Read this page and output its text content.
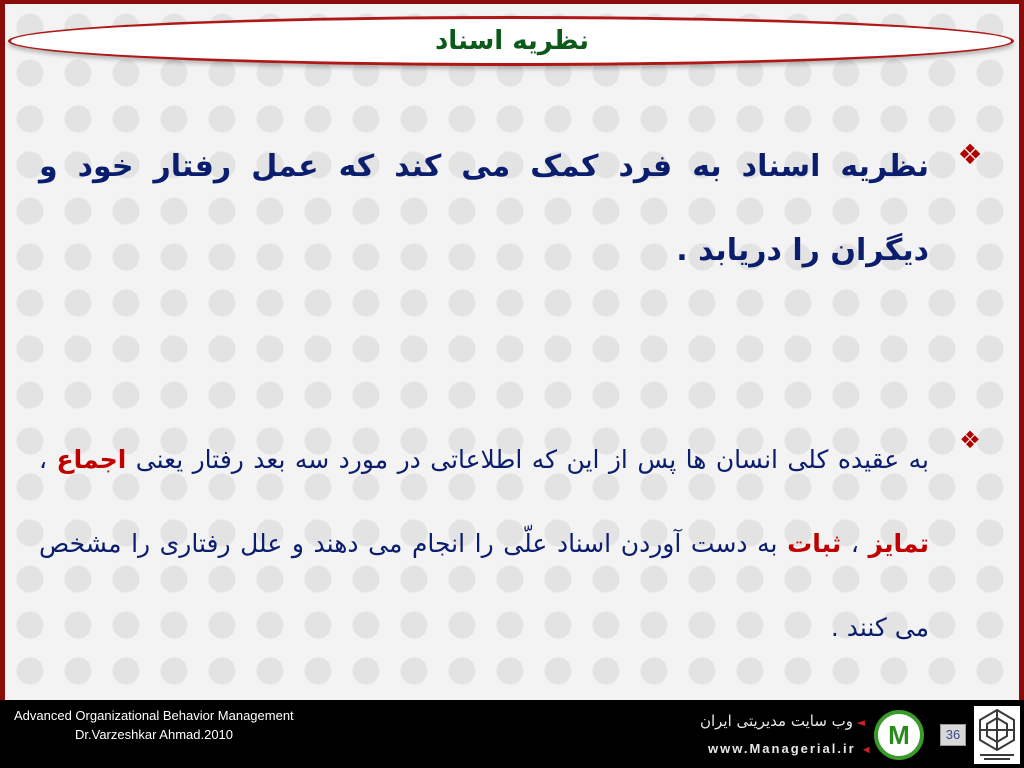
نظریه اسناد
❖
نظریه اسناد به فرد کمک می کند که عمل رفتار خود و دیگران را دریابد .
❖
به عقیده کلی انسان ها پس از این که اطلاعاتی در مورد سه بعد رفتار یعنی اجماع ، تمایز ، ثبات به دست آوردن اسناد علّی را انجام می دهند و علل رفتاری را مشخص می کنند .
Advanced Organizational Behavior Management
Dr.Varzeshkar Ahmad.2010
◄ وب سایت مدیریتی ایران
www.Managerial.ir ◄
M	36
